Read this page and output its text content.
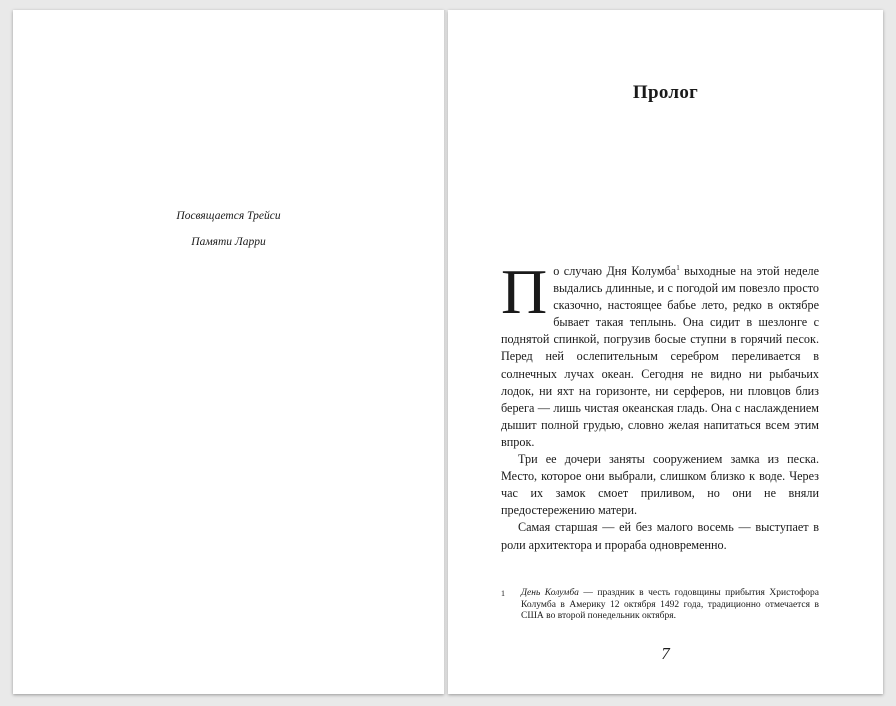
Посвящается Трейси
Памяти Ларри
Пролог

По случаю Дня Колумба$^1$ выходные на этой неделе выдались длинные, и с погодой им повезло просто сказочно, настоящее бабье лето, редко в октябре бывает такая теплынь. Она сидит в шезлонге с поднятой спинкой, погрузив босые ступни в горячий песок. Перед ней ослепительным серебром переливается в солнечных лучах океан. Сегодня не видно ни рыбачьих лодок, ни яхт на горизонте, ни серферов, ни пловцов близ берега — лишь чистая океанская гладь. Она с наслаждением дышит полной грудью, словно желая напитаться всем этим впрок.

Три ее дочери заняты сооружением замка из песка. Место, которое они выбрали, слишком близко к воде. Через час их замок смоет приливом, но они не вняли предостережению матери.

Самая старшая — ей без малого восемь — выступает в роли архитектора и прораба одновременно.

1 День Колумба — праздник в честь годовщины прибытия Христофора Колумба в Америку 12 октября 1492 года, традиционно отмечается в США во второй понедельник октября.
7
